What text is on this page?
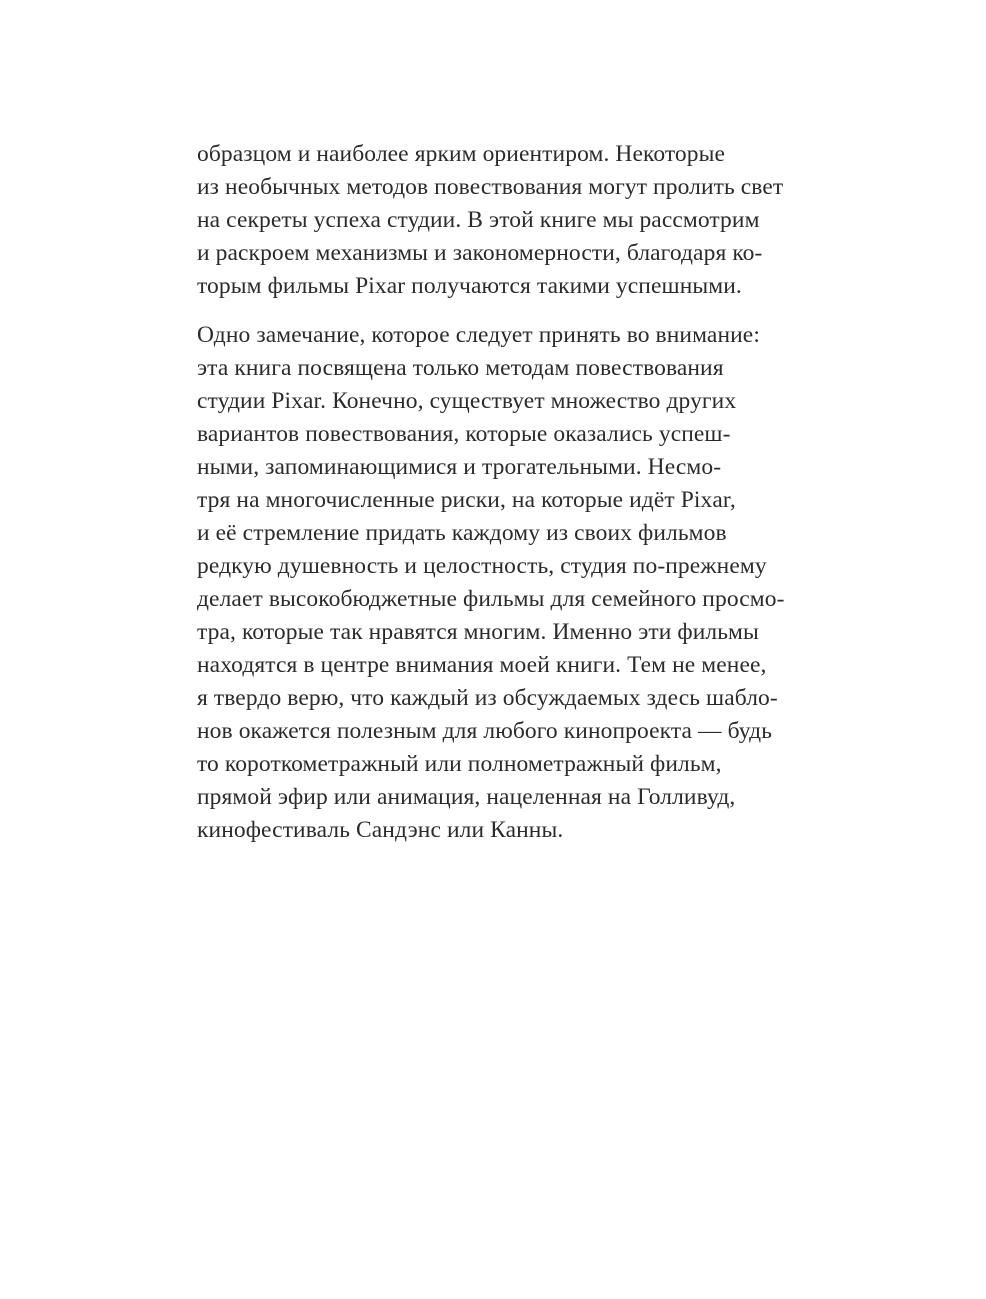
образцом и наиболее ярким ориентиром. Некоторые
из необычных методов повествования могут пролить свет
на секреты успеха студии. В этой книге мы рассмотрим
и раскроем механизмы и закономерности, благодаря ко-
торым фильмы Pixar получаются такими успешными.
Одно замечание, которое следует принять во внимание:
эта книга посвящена только методам повествования
студии Pixar. Конечно, существует множество других
вариантов повествования, которые оказались успеш-
ными, запоминающимися и трогательными. Несмо-
тря на многочисленные риски, на которые идёт Pixar,
и её стремление придать каждому из своих фильмов
редкую душевность и целостность, студия по-прежнему
делает высокобюджетные фильмы для семейного просмо-
тра, которые так нравятся многим. Именно эти фильмы
находятся в центре внимания моей книги. Тем не менее,
я твердо верю, что каждый из обсуждаемых здесь шабло-
нов окажется полезным для любого кинопроекта — будь
то короткометражный или полнометражный фильм,
прямой эфир или анимация, нацеленная на Голливуд,
кинофестиваль Сандэнс или Канны.
